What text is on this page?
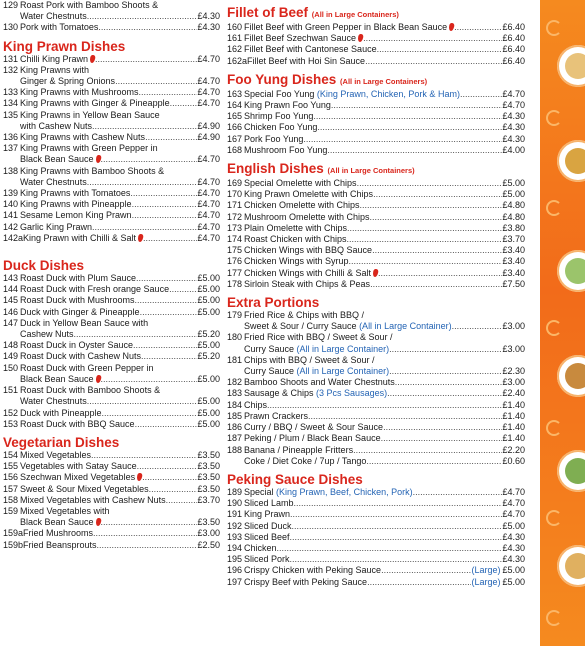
129 Roast Pork with Bamboo Shoots &
Water Chestnuts .....	£4.30
130 Pork with Tomatoes .....	£4.30
King Prawn Dishes
131 Chilli King Prawn .....	£4.70
132 King Prawns with
Ginger & Spring Onions .....	£4.70
133 King Prawns with Mushrooms .....	£4.70
134 King Prawns with Ginger & Pineapple .....	£4.70
135 King Prawns in Yellow Bean Sauce
with Cashew Nuts .....	£4.90
136 King Prawns with Cashew Nuts .....	£4.90
137 King Prawns with Green Pepper in
Black Bean Sauce .....	£4.70
138 King Prawns with Bamboo Shoots &
Water Chestnuts .....	£4.70
139 King Prawns with Tomatoes .....	£4.70
140 King Prawns with Pineapple .....	£4.70
141 Sesame Lemon King Prawn .....	£4.70
142 Garlic King Prawn .....	£4.70
142a King Prawn with Chilli & Salt .....	£4.70
Duck Dishes
143 Roast Duck with Plum Sauce .....	£5.00
144 Roast Duck with Fresh orange Sauce .....	£5.00
145 Roast Duck with Mushrooms .....	£5.00
146 Duck with Ginger & Pineapple .....	£5.00
147 Duck in Yellow Bean Sauce with
Cashew Nuts .....	£5.20
148 Roast Duck in Oyster Sauce .....	£5.00
149 Roast Duck with Cashew Nuts .....	£5.20
150 Roast Duck with Green Pepper in
Black Bean Sauce .....	£5.00
151 Roast Duck with Bamboo Shoots &
Water Chestnuts .....	£5.00
152 Duck with Pineapple .....	£5.00
153 Roast Duck with BBQ Sauce .....	£5.00
Vegetarian Dishes
154 Mixed Vegetables .....	£3.50
155 Vegetables with Satay Sauce .....	£3.50
156 Szechwan Mixed Vegetables .....	£3.50
157 Sweet & Sour Mixed Vegetables .....	£3.50
158 Mixed Vegetables with Cashew Nuts .....	£3.70
159 Mixed Vegetables with
Black Bean Sauce .....	£3.50
159a Fried Mushrooms .....	£3.00
159b Fried Beansprouts .....	£2.50
Fillet of Beef (All in Large Containers)
160 Fillet Beef with Green Pepper in Black Bean Sauce .....	£6.40
161 Fillet Beef Szechwan Sauce .....	£6.40
162 Fillet Beef with Cantonese Sauce .....	£6.40
162a Fillet Beef with Hoi Sin Sauce .....	£6.40
Foo Yung Dishes (All in Large Containers)
163 Special Foo Yung (King Prawn, Chicken, Pork & Ham) .....	£4.70
164 King Prawn Foo Yung .....	£4.70
165 Shrimp Foo Yung .....	£4.30
166 Chicken Foo Yung .....	£4.30
167 Pork Foo Yung .....	£4.30
168 Mushroom Foo Yung .....	£4.00
English Dishes (All in Large Containers)
169 Special Omelette with Chips .....	£5.00
170 King Prawn Omelette with Chips .....	£5.00
171 Chicken Omelette with Chips .....	£4.80
172 Mushroom Omelette with Chips .....	£4.80
173 Plain Omelette with Chips .....	£3.80
174 Roast Chicken with Chips .....	£3.70
175 Chicken Wings with BBQ Sauce .....	£3.40
176 Chicken Wings with Syrup .....	£3.40
177 Chicken Wings with Chilli & Salt .....	£3.40
178 Sirloin Steak with Chips & Peas .....	£7.50
Extra Portions
179 Fried Rice & Chips with BBQ /
Sweet & Sour / Curry Sauce (All in Large Container) .....	£3.00
180 Fried Rice with BBQ / Sweet & Sour /
Curry Sauce (All in Large Container) .....	£3.00
181 Chips with BBQ / Sweet & Sour /
Curry Sauce (All in Large Container) .....	£2.30
182 Bamboo Shoots and Water Chestnuts .....	£3.00
183 Sausage & Chips (3 Pcs Sausages) .....	£2.40
184 Chips .....	£1.40
185 Prawn Crackers .....	£1.40
186 Curry / BBQ / Sweet & Sour Sauce .....	£1.40
187 Peking / Plum / Black Bean Sauce .....	£1.40
188 Banana / Pineapple Fritters .....	£2.20
Coke / Diet Coke / 7up / Tango .....	£0.60
Peking Sauce Dishes
189 Special (King Prawn, Beef, Chicken, Pork) .....	£4.70
190 Sliced Lamb .....	£4.70
191 King Prawn .....	£4.70
192 Sliced Duck .....	£5.00
193 Sliced Beef .....	£4.30
194 Chicken .....	£4.30
195 Sliced Pork .....	£4.30
196 Crispy Chicken with Peking Sauce .....	(Large) £5.00
197 Crispy Beef with Peking Sauce .....	(Large) £5.00
